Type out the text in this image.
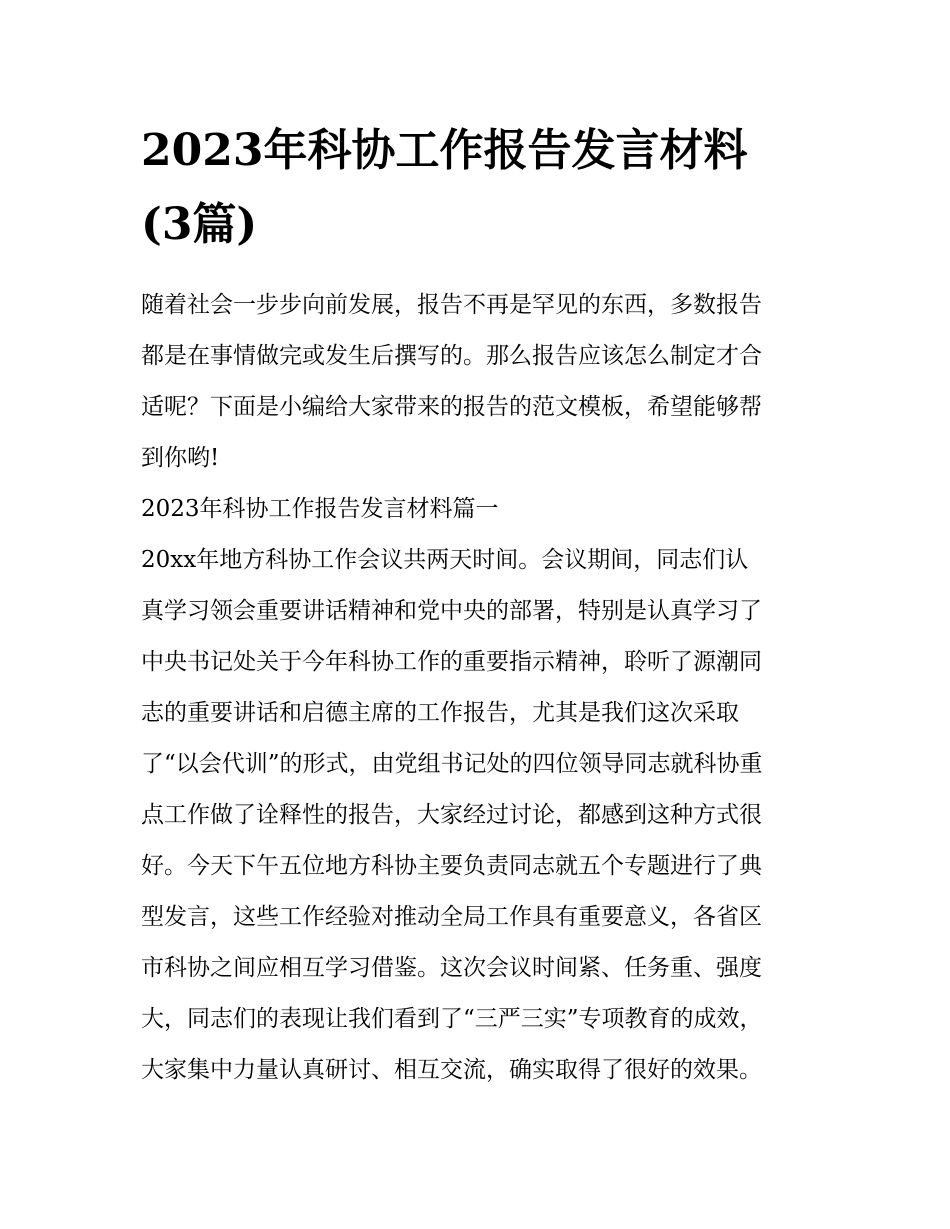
2023年科协工作报告发言材料
(3篇)

随着社会一步步向前发展，报告不再是罕见的东西，多数报告
都是在事情做完或发生后撰写的。那么报告应该怎么制定才合
适呢？下面是小编给大家带来的报告的范文模板，希望能够帮
到你哟!

2023年科协工作报告发言材料篇一

20xx年地方科协工作会议共两天时间。会议期间，同志们认
真学习领会重要讲话精神和党中央的部署，特别是认真学习了
中央书记处关于今年科协工作的重要指示精神，聆听了源潮同
志的重要讲话和启德主席的工作报告，尤其是我们这次采取
了“以会代训”的形式，由党组书记处的四位领导同志就科协重
点工作做了诠释性的报告，大家经过讨论，都感到这种方式很
好。今天下午五位地方科协主要负责同志就五个专题进行了典
型发言，这些工作经验对推动全局工作具有重要意义，各省区
市科协之间应相互学习借鉴。这次会议时间紧、任务重、强度
大，同志们的表现让我们看到了“三严三实”专项教育的成效，
大家集中力量认真研讨、相互交流，确实取得了很好的效果。
